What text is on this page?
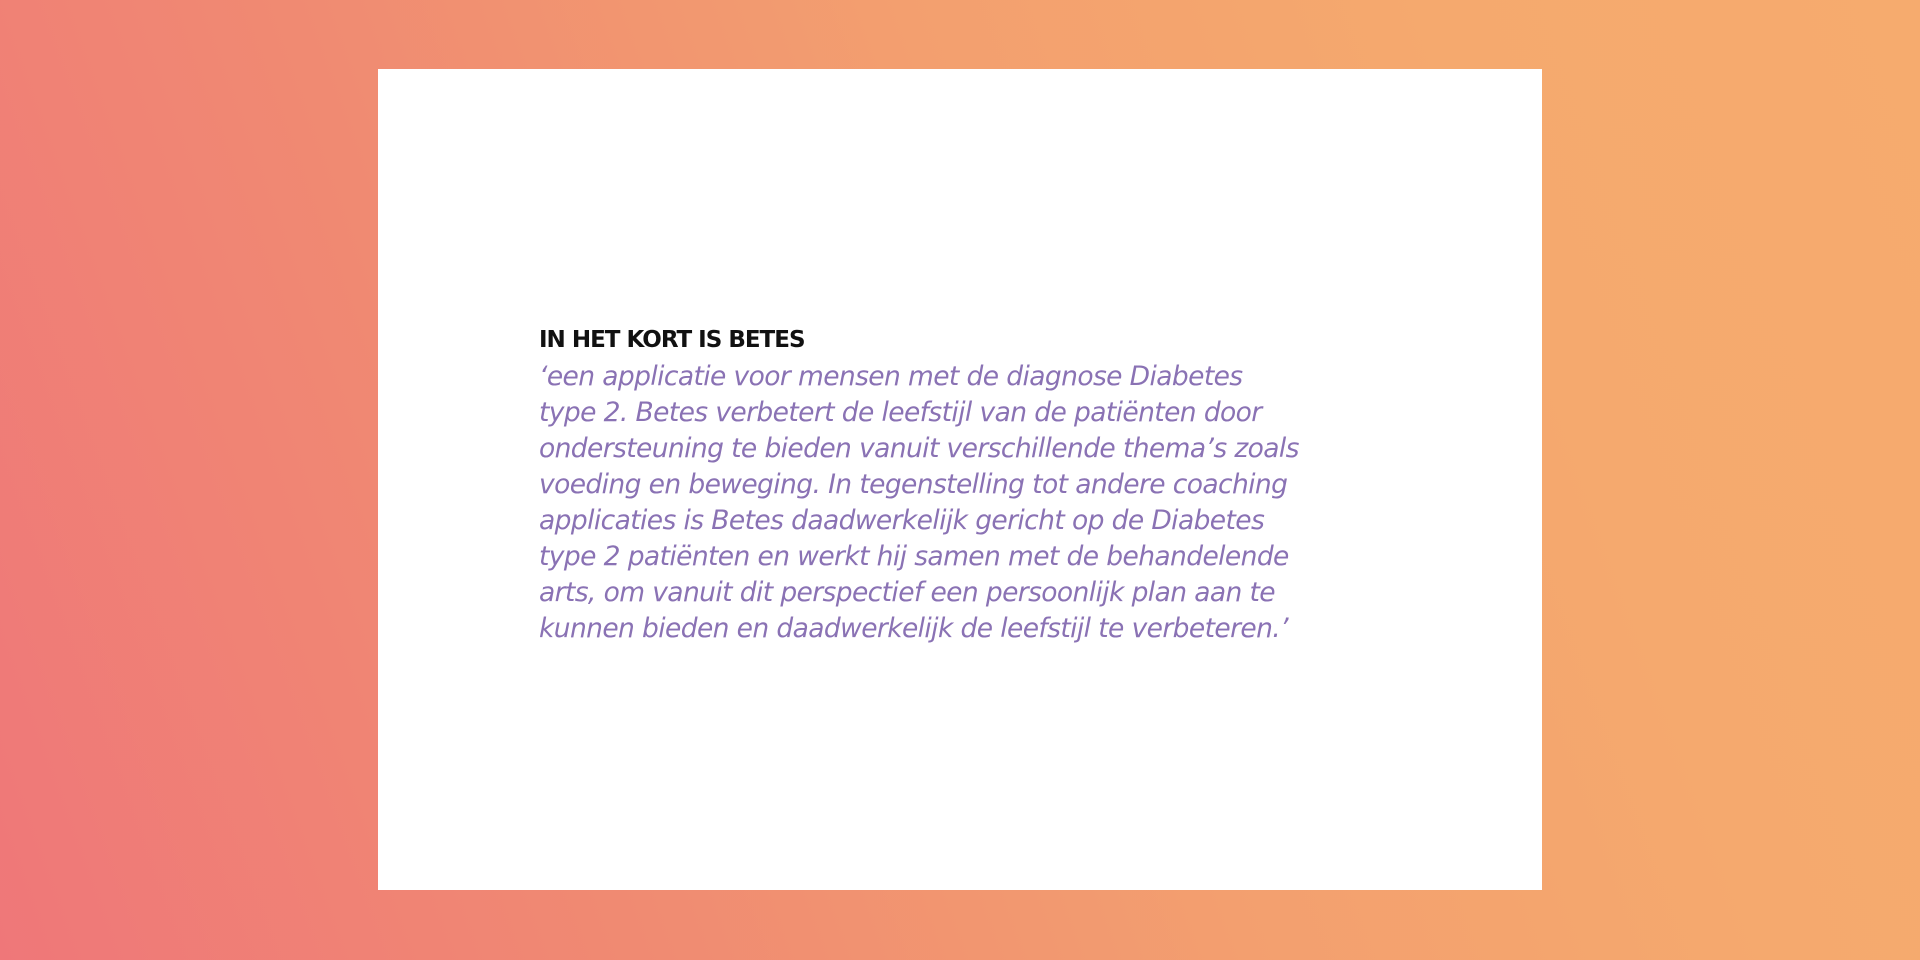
IN HET KORT IS BETES

‘een applicatie voor mensen met de diagnose Diabetes
type 2. Betes verbetert de leefstijl van de patiënten door
ondersteuning te bieden vanuit verschillende thema’s zoals
voeding en beweging. In tegenstelling tot andere coaching
applicaties is Betes daadwerkelijk gericht op de Diabetes
type 2 patiënten en werkt hij samen met de behandelende
arts, om vanuit dit perspectief een persoonlijk plan aan te
kunnen bieden en daadwerkelijk de leefstijl te verbeteren.’
